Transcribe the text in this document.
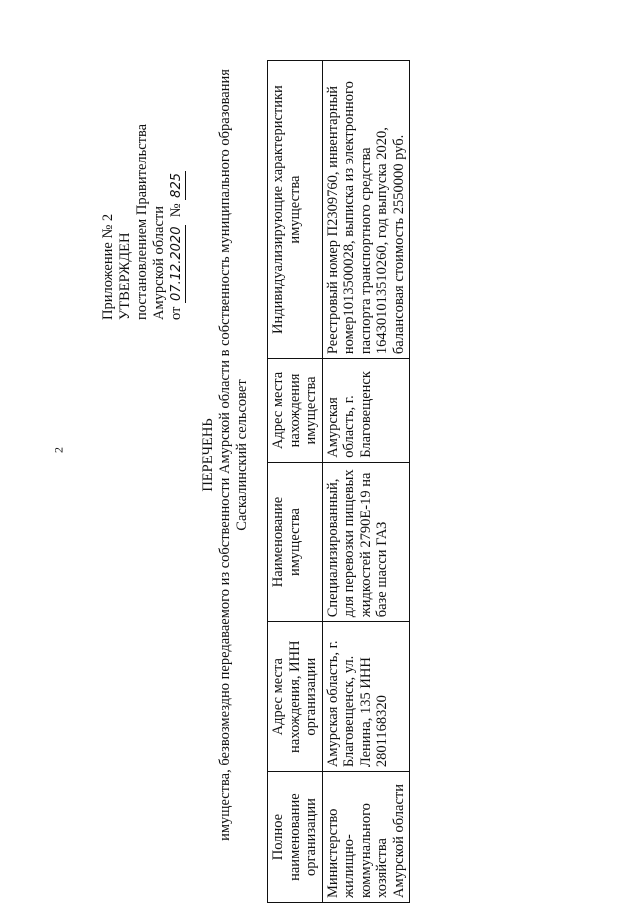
2
Приложение № 2 УТВЕРЖДЕН постановлением Правительства Амурской области от 07.12.2020  № 825
ПЕРЕЧЕНЬ имущества, безвозмездно передаваемого из собственности Амурской области в собственность муниципального образования Саскалинский сельсовет
Полное наименование организации	Адрес места нахождения, ИНН организации	Наименование имущества	Адрес места нахождения имущества	Индивидуализирующие характеристики имущества
Министерство жилищно-коммунального хозяйства Амурской области	Амурская область, г. Благовещенск, ул. Ленина, 135 ИНН 2801168320	Специализированный, для перевозки пищевых жидкостей 2790Е-19 на базе шасси ГАЗ	Амурская область, г. Благовещенск	Реестровый номер П2309760, инвентарный номер1013500028, выписка из электронного паспорта транспортного средства 164301013510260, год выпуска 2020, балансовая стоимость 2550000 руб.
